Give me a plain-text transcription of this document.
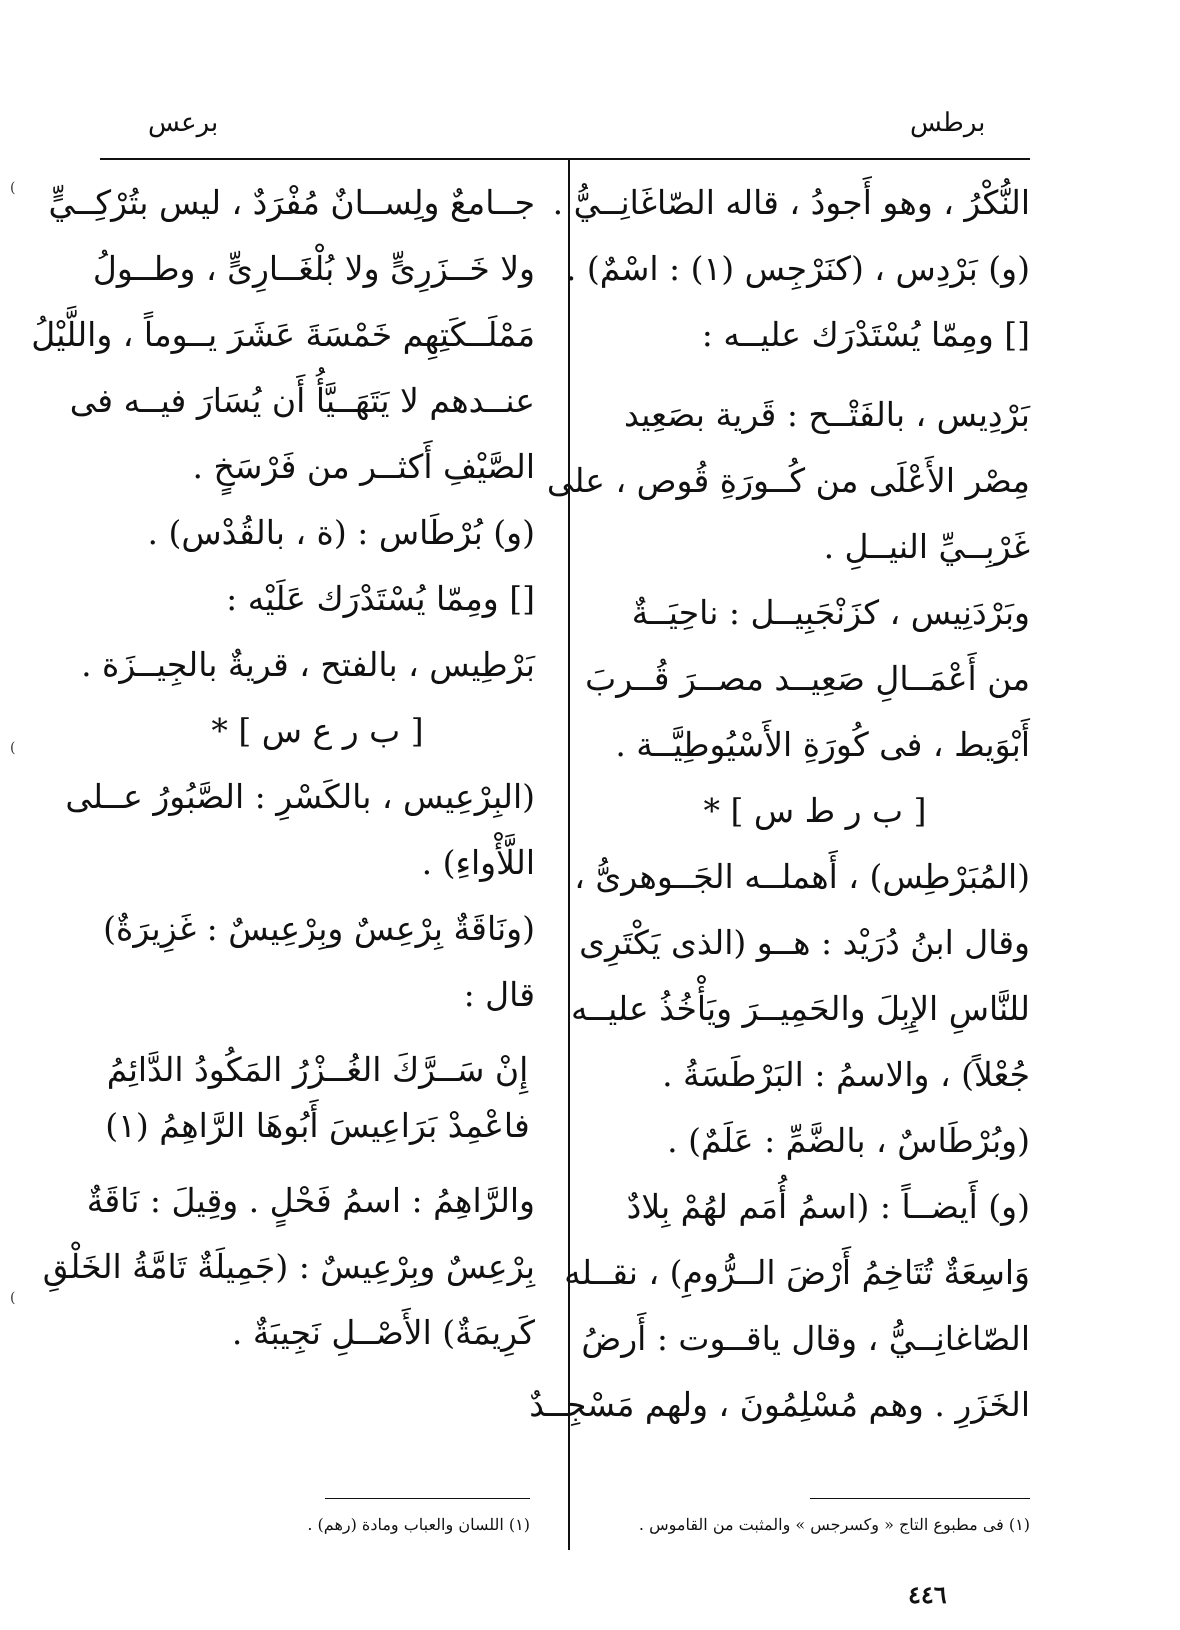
برطس
برعس
النُّكْرُ ، وهو أَجودُ ، قاله الصّاغَانِــيُّ .
(و) بَرْدِس ، (كنَرْجِس (١) : اسْمٌ) .
[] ومِمّا يُسْتَدْرَك عليــه :
بَرْدِيس ، بالفَتْــح : قَرية بصَعِيد
مِصْر الأَعْلَى من كُــورَةِ قُوص ، على
غَرْبِــيِّ النيــلِ .
وبَرْدَنِيس ، كزَنْجَبِيــل : ناحِيَــةٌ
من أَعْمَــالِ صَعِيــد مصــرَ قُــربَ
أَبْوَيط ، فى كُورَةِ الأَسْيُوطِيَّــة .
[ ب ر ط س ] *
(المُبَرْطِس) ، أَهملــه الجَــوهرىُّ ،
وقال ابنُ دُرَيْد : هــو (الذى يَكْتَرِى
للنَّاسِ الإِبِلَ والحَمِيــرَ ويَأْخُذُ عليــه
جُعْلاً) ، والاسمُ : البَرْطَسَةُ .
(وبُرْطَاسٌ ، بالضَّمِّ : عَلَمٌ) .
(و) أَيضــاً : (اسمُ أُمَم لهُمْ بِلادٌ
وَاسِعَةٌ تُتَاخِمُ أَرْضَ الــرُّومِ) ، نقــله
الصّاغانِــيُّ ، وقال ياقــوت : أَرضُ
الخَزَرِ . وهم مُسْلِمُونَ ، ولهم مَسْجِــدٌ
جــامعٌ ولِســانٌ مُفْرَدٌ ، ليس بتُرْكِــيٍّ
ولا خَــزَرِىٍّ ولا بُلْغَــارِىٍّ ، وطــولُ
مَمْلَــكَتِهِم خَمْسَةَ عَشَرَ يــوماً ، واللَّيْلُ
عنــدهم لا يَتَهَــيَّأُ أَن يُسَارَ فيــه فى
الصَّيْفِ أَكثــر من فَرْسَخٍ .
(و) بُرْطَاس : (ة ، بالقُدْس) .
[] ومِمّا يُسْتَدْرَك عَلَيْه :
بَرْطِيس ، بالفتح ، قريةٌ بالجِيــزَة .
[ ب ر ع س ] *
(البِرْعِيس ، بالكَسْرِ : الصَّبُورُ عــلى
اللَّأْواءِ) .
(ونَاقَةٌ بِرْعِسٌ وبِرْعِيسٌ : غَزِيرَةٌ)
قال :
إِنْ سَــرَّكَ الغُــزْرُ المَكُودُ الدَّائِمُ
فاعْمِدْ بَرَاعِيسَ أَبُوهَا الرَّاهِمُ (١)
والرَّاهِمُ : اسمُ فَحْلٍ . وقِيلَ : نَاقَةٌ
بِرْعِسٌ وبِرْعِيسٌ : (جَمِيلَةٌ تَامَّةُ الخَلْقِ
كَرِيمَةٌ) الأَصْــلِ نَجِيبَةٌ .
(١) فى مطبوع التاج « وكسرجس » والمثبت من القاموس .
(١) اللسان والعباب ومادة (رهم) .
٤٤٦
(
(
(
